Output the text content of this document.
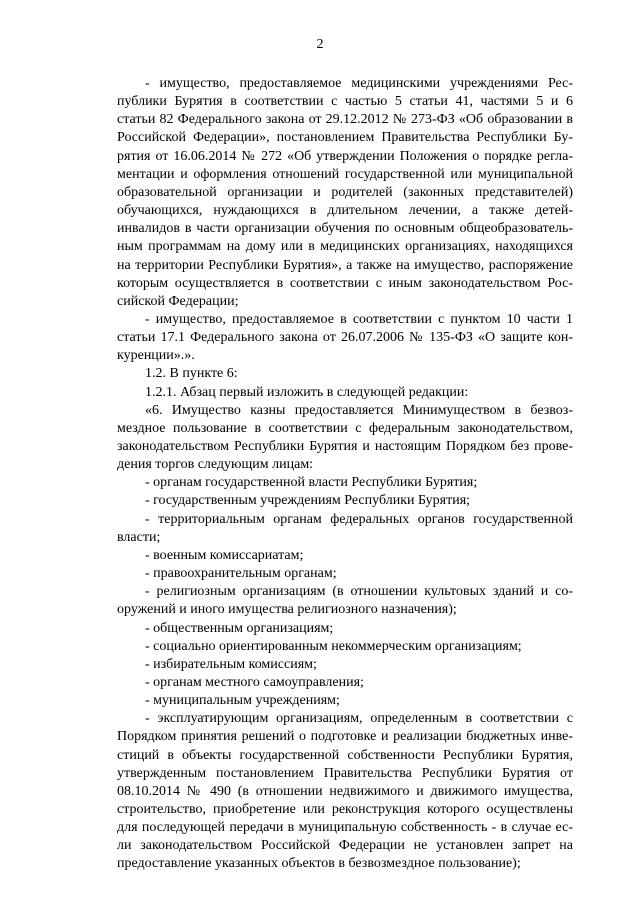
2
- имущество, предоставляемое медицинскими учреждениями Рес-
публики Бурятия в соответствии с частью 5 статьи 41, частями 5 и 6
статьи 82 Федерального закона от 29.12.2012 № 273-ФЗ «Об образовании в
Российской Федерации», постановлением Правительства Республики Бу-
рятия от 16.06.2014 № 272 «Об утверждении Положения о порядке регла-
ментации и оформления отношений государственной или муниципальной
образовательной организации и родителей (законных представителей)
обучающихся, нуждающихся в длительном лечении, а также детей-
инвалидов в части организации обучения по основным общеобразователь-
ным программам на дому или в медицинских организациях, находящихся
на территории Республики Бурятия», а также на имущество, распоряжение
которым осуществляется в соответствии с иным законодательством Рос-
сийской Федерации;
- имущество, предоставляемое в соответствии с пунктом 10 части 1
статьи 17.1 Федерального закона от 26.07.2006 № 135-ФЗ «О защите кон-
куренции».».
1.2. В пункте 6:
1.2.1. Абзац первый изложить в следующей редакции:
«6. Имущество казны предоставляется Минимуществом в безвоз-
мездное пользование в соответствии с федеральным законодательством,
законодательством Республики Бурятия и настоящим Порядком без прове-
дения торгов следующим лицам:
- органам государственной власти Республики Бурятия;
- государственным учреждениям Республики Бурятия;
- территориальным органам федеральных органов государственной
власти;
- военным комиссариатам;
- правоохранительным органам;
- религиозным организациям (в отношении культовых зданий и со-
оружений и иного имущества религиозного назначения);
- общественным организациям;
- социально ориентированным некоммерческим организациям;
- избирательным комиссиям;
- органам местного самоуправления;
- муниципальным учреждениям;
- эксплуатирующим организациям, определенным в соответствии с
Порядком принятия решений о подготовке и реализации бюджетных инве-
стиций в объекты государственной собственности Республики Бурятия,
утвержденным постановлением Правительства Республики Бурятия от
08.10.2014 № 490 (в отношении недвижимого и движимого имущества,
строительство, приобретение или реконструкция которого осуществлены
для последующей передачи в муниципальную собственность - в случае ес-
ли законодательством Российской Федерации не установлен запрет на
предоставление указанных объектов в безвозмездное пользование);
